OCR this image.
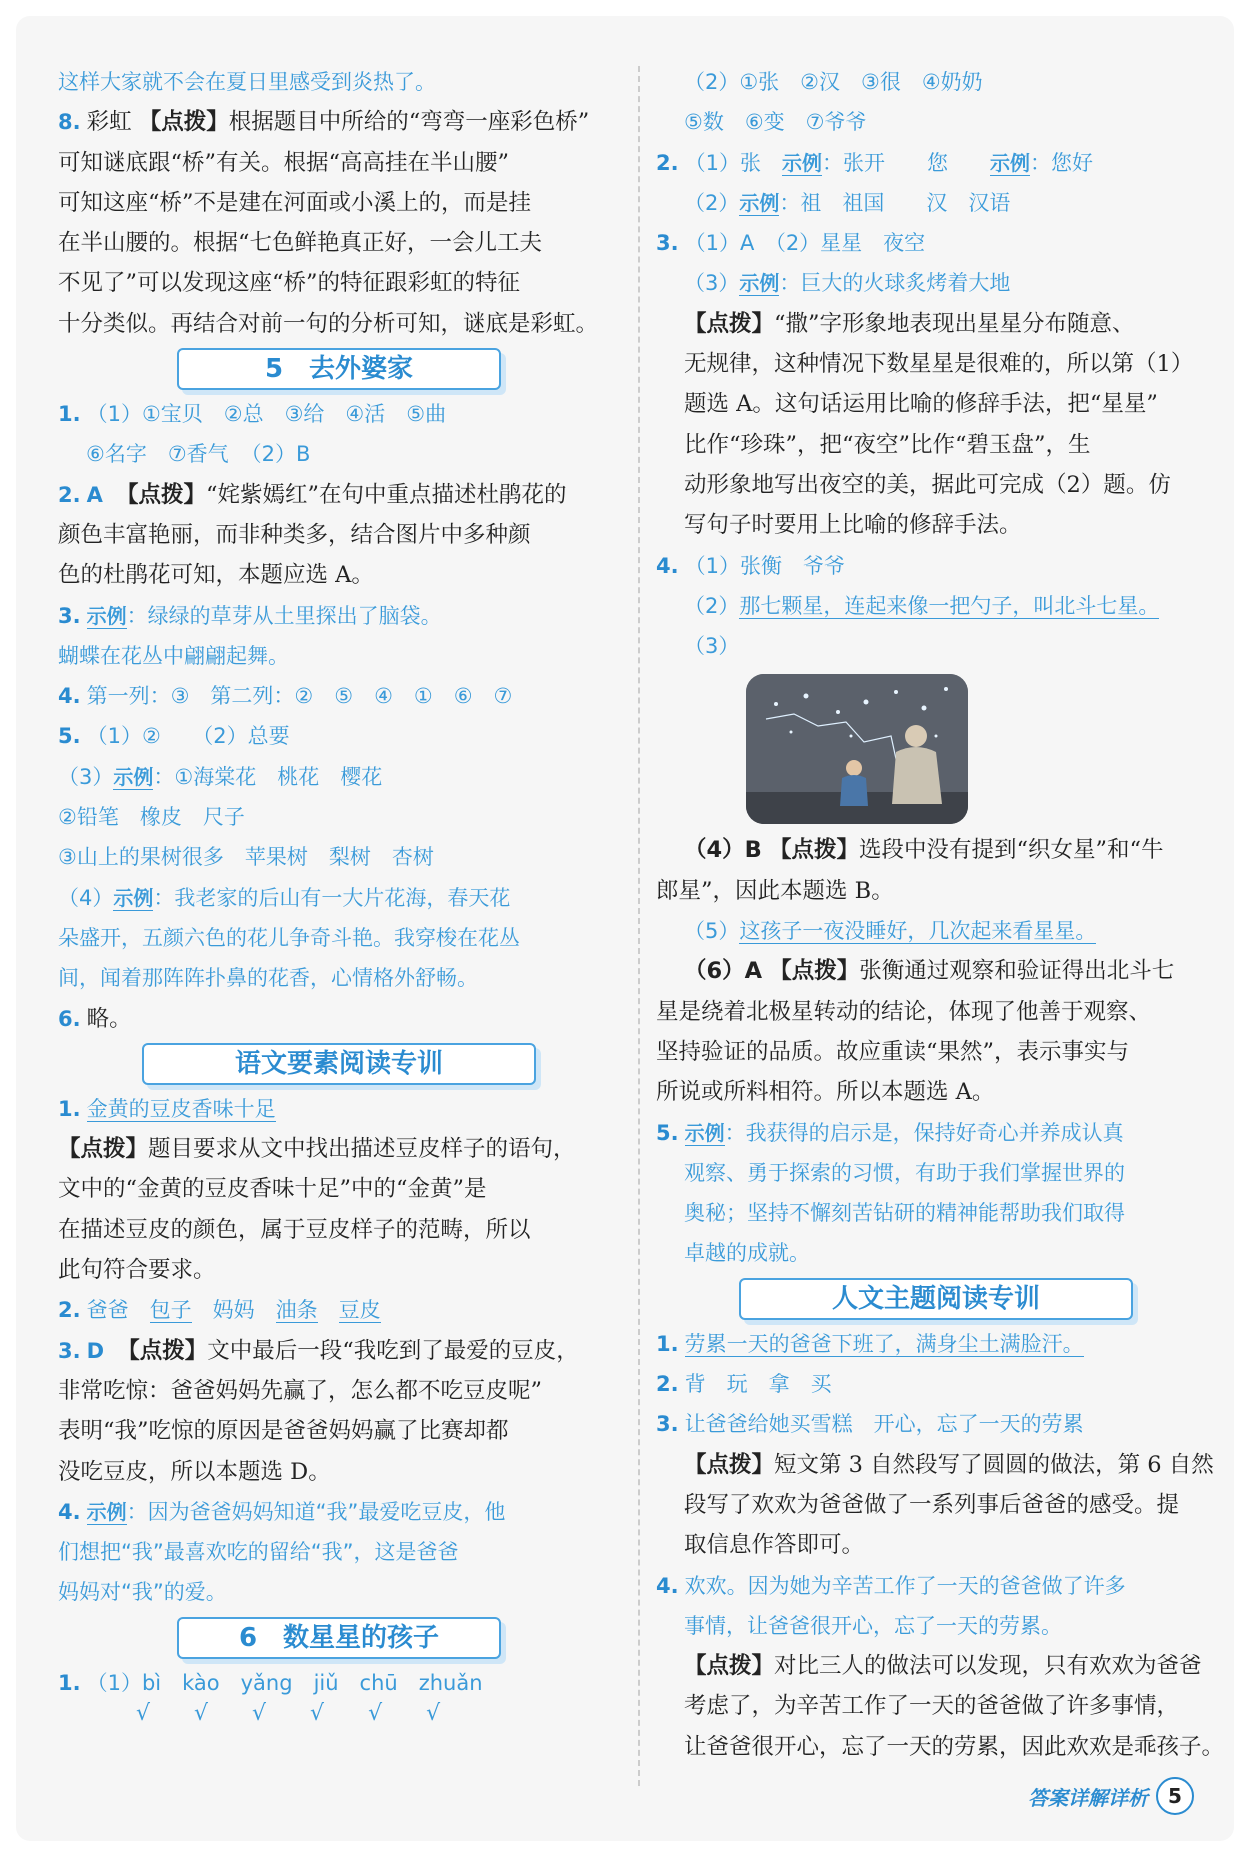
这样大家就不会在夏日里感受到炎热了。

8. 彩虹 【点拨】根据题目中所给的“弯弯一座彩色桥”

可知谜底跟“桥”有关。根据“高高挂在半山腰”

可知这座“桥”不是建在河面或小溪上的，而是挂

在半山腰的。根据“七色鲜艳真正好，一会儿工夫

不见了”可以发现这座“桥”的特征跟彩虹的特征

十分类似。再结合对前一句的分析可知，谜底是彩虹。

5　去外婆家

1. （1）①宝贝　②总　③给　④活　⑤曲

⑥名字　⑦香气　 （2）B

2. A 【点拨】“姹紫嫣红”在句中重点描述杜鹃花的

颜色丰富艳丽，而非种类多，结合图片中多种颜

色的杜鹃花可知，本题应选 A。

3. 示例：绿绿的草芽从土里探出了脑袋。

蝴蝶在花丛中翩翩起舞。

4. 第一列：③　第二列：②　⑤　④　①　⑥　⑦

5. （1）②　　（2）总要

（3）示例：①海棠花　桃花　樱花

②铅笔　橡皮　尺子

③山上的果树很多　苹果树　梨树　杏树

（4）示例：我老家的后山有一大片花海，春天花

朵盛开，五颜六色的花儿争奇斗艳。我穿梭在花丛

间，闻着那阵阵扑鼻的花香，心情格外舒畅。

6. 略。

语文要素阅读专训

1. 金黄的豆皮香味十足

【点拨】题目要求从文中找出描述豆皮样子的语句，

文中的“金黄的豆皮香味十足”中的“金黄”是

在描述豆皮的颜色，属于豆皮样子的范畴，所以

此句符合要求。

2. 爸爸　包子　妈妈　油条　 豆皮

3. D 【点拨】文中最后一段“我吃到了最爱的豆皮，

非常吃惊：爸爸妈妈先赢了，怎么都不吃豆皮呢”

表明“我”吃惊的原因是爸爸妈妈赢了比赛却都

没吃豆皮，所以本题选 D。

4. 示例：因为爸爸妈妈知道“我”最爱吃豆皮，他

们想把“我”最喜欢吃的留给“我”，这是爸爸

妈妈对“我”的爱。

6　数星星的孩子

1. （1）bì　kào　yǎng　jiǔ　chū　zhuǎn

√　　√　　√　　√　　√　　√

（2）①张　②汉　③很　④奶奶

⑤数　⑥变　⑦爷爷

2. （1）张　示例：张开　　您　　示例：您好

（2）示例：祖　祖国　　汉　汉语

3. （1）A　（2）星星　夜空

（3）示例：巨大的火球炙烤着大地

【点拨】“撒”字形象地表现出星星分布随意、

无规律，这种情况下数星星是很难的，所以第（1）

题选 A。这句话运用比喻的修辞手法，把“星星”

比作“珍珠”，把“夜空”比作“碧玉盘”，生

动形象地写出夜空的美，据此可完成（2）题。仿

写句子时要用上比喻的修辞手法。

4. （1）张衡　爷爷

（2）那七颗星，连起来像一把勺子，叫北斗七星。

（3）

（4）B 【点拨】选段中没有提到“织女星”和“牛

郎星”，因此本题选 B。

（5）这孩子一夜没睡好，几次起来看星星。

（6）A 【点拨】张衡通过观察和验证得出北斗七

星是绕着北极星转动的结论，体现了他善于观察、

坚持验证的品质。故应重读“果然”，表示事实与

所说或所料相符。所以本题选 A。

5. 示例：我获得的启示是，保持好奇心并养成认真

观察、勇于探索的习惯，有助于我们掌握世界的

奥秘；坚持不懈刻苦钻研的精神能帮助我们取得

卓越的成就。

人文主题阅读专训

1. 劳累一天的爸爸下班了，满身尘土满脸汗。

2. 背　玩　拿　买

3. 让爸爸给她买雪糕　开心，忘了一天的劳累

【点拨】短文第 3 自然段写了圆圆的做法，第 6 自然

段写了欢欢为爸爸做了一系列事后爸爸的感受。提

取信息作答即可。

4. 欢欢。因为她为辛苦工作了一天的爸爸做了许多

事情，让爸爸很开心，忘了一天的劳累。

【点拨】对比三人的做法可以发现，只有欢欢为爸爸

考虑了，为辛苦工作了一天的爸爸做了许多事情，

让爸爸很开心，忘了一天的劳累，因此欢欢是乖孩子。

答案详解详析	5
